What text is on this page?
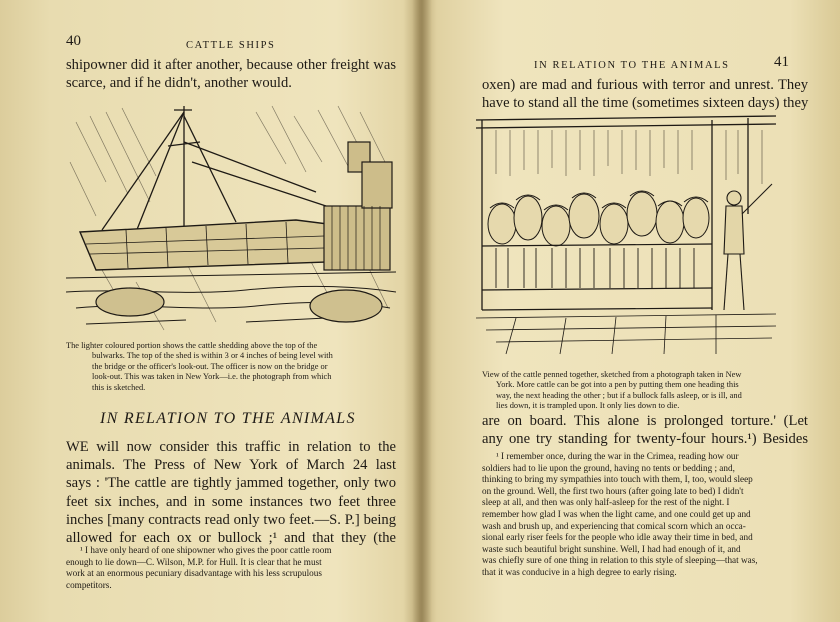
40	CATTLE SHIPS
shipowner did it after another, because other freight was
scarce, and if he didn't, another would.
The lighter coloured portion shows the cattle shedding above the top of the
bulwarks. The top of the shed is within 3 or 4 inches of being level with
the bridge or the officer's look-out. The officer is now on the bridge or
look-out. This was taken in New York—i.e. the photograph from which
this is sketched.
IN RELATION TO THE ANIMALS
WE will now consider this traffic in relation to the
animals. The Press of New York of March 24 last
says : 'The cattle are tightly jammed together, only two
feet six inches, and in some instances two feet three
inches [many contracts read only two feet.—S. P.] being
allowed for each ox or bullock ;¹ and that they (the
¹ I have only heard of one shipowner who gives the poor cattle room
enough to lie down—C. Wilson, M.P. for Hull. It is clear that he must
work at an enormous pecuniary disadvantage with his less scrupulous
competitors.
IN RELATION TO THE ANIMALS	41
oxen) are mad and furious with terror and unrest. They
have to stand all the time (sometimes sixteen days) they
View of the cattle penned together, sketched from a photograph taken in New
York. More cattle can be got into a pen by putting them one heading this
way, the next heading the other ; but if a bullock falls asleep, or is ill, and
lies down, it is trampled upon. It only lies down to die.
are on board. This alone is prolonged torture.' (Let
any one try standing for twenty-four hours.¹) Besides
¹ I remember once, during the war in the Crimea, reading how our
soldiers had to lie upon the ground, having no tents or bedding ; and,
thinking to bring my sympathies into touch with them, I, too, would sleep
on the ground. Well, the first two hours (after going late to bed) I didn't
sleep at all, and then was only half-asleep for the rest of the night. I
remember how glad I was when the light came, and one could get up and
wash and brush up, and experiencing that comical scorn which an occa-
sional early riser feels for the people who idle away their time in bed, and
waste such beautiful bright sunshine. Well, I had had enough of it, and
was chiefly sure of one thing in relation to this style of sleeping—that was,
that it was conducive in a high degree to early rising.
